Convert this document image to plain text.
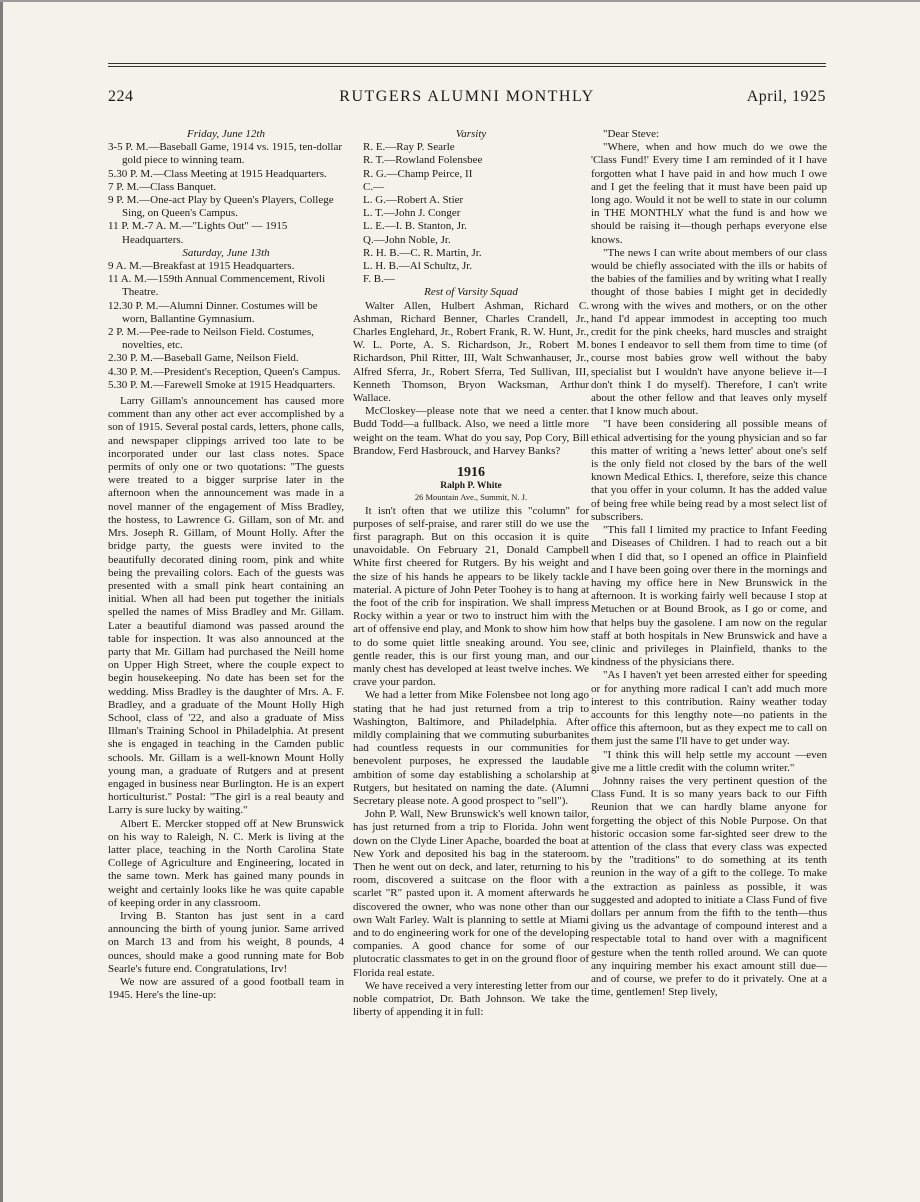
224	RUTGERS ALUMNI MONTHLY	April, 1925
Friday, June 12th
3-5 P. M.—Baseball Game, 1914 vs. 1915, ten-dollar gold piece to winning team.
5.30 P. M.—Class Meeting at 1915 Headquarters.
7 P. M.—Class Banquet.
9 P. M.—One-act Play by Queen's Players, College Sing, on Queen's Campus.
11 P. M.-7 A. M.—"Lights Out" — 1915 Headquarters.
Saturday, June 13th
9 A. M.—Breakfast at 1915 Headquarters.
11 A. M.—159th Annual Commencement, Rivoli Theatre.
12.30 P. M.—Alumni Dinner. Costumes will be worn, Ballantine Gymnasium.
2 P. M.—Pee-rade to Neilson Field. Costumes, novelties, etc.
2.30 P. M.—Baseball Game, Neilson Field.
4.30 P. M.—President's Reception, Queen's Campus.
5.30 P. M.—Farewell Smoke at 1915 Headquarters.

Larry Gillam's announcement has caused more comment than any other act ever accomplished by a son of 1915. Several postal cards, letters, phone calls, and newspaper clippings arrived too late to be incorporated under our last class notes. Space permits of only one or two quotations: "The guests were treated to a bigger surprise later in the afternoon when the announcement was made in a novel manner of the engagement of Miss Bradley, the hostess, to Lawrence G. Gillam, son of Mr. and Mrs. Joseph R. Gillam, of Mount Holly. After the bridge party, the guests were invited to the beautifully decorated dining room, pink and white being the prevailing colors. Each of the guests was presented with a small pink heart containing an initial. When all had been put together the initials spelled the names of Miss Bradley and Mr. Gillam. Later a beautiful diamond was passed around the table for inspection. It was also announced at the party that Mr. Gillam had purchased the Neill home on Upper High Street, where the couple expect to begin housekeeping. No date has been set for the wedding. Miss Bradley is the daughter of Mrs. A. F. Bradley, and a graduate of the Mount Holly High School, class of '22, and also a graduate of Miss Illman's Training School in Philadelphia. At present she is engaged in teaching in the Camden public schools. Mr. Gillam is a well-known Mount Holly young man, a graduate of Rutgers and at present engaged in business near Burlington. He is an expert horticulturist." Postal: "The girl is a real beauty and Larry is sure lucky by waiting."

Albert E. Mercker stopped off at New Brunswick on his way to Raleigh, N. C. Merk is living at the latter place, teaching in the North Carolina State College of Agriculture and Engineering, located in the same town. Merk has gained many pounds in weight and certainly looks like he was quite capable of keeping order in any classroom.

Irving B. Stanton has just sent in a card announcing the birth of young junior. Same arrived on March 13 and from his weight, 8 pounds, 4 ounces, should make a good running mate for Bob Searle's future end. Congratulations, Irv!

We now are assured of a good football team in 1945. Here's the line-up:

Varsity
R. E.—Ray P. Searle
R. T.—Rowland Folensbee
R. G.—Champ Peirce, II
C.—
L. G.—Robert A. Stier
L. T.—John J. Conger
L. E.—I. B. Stanton, Jr.
Q.—John Noble, Jr.
R. H. B.—C. R. Martin, Jr.
L. H. B.—Al Schultz, Jr.
F. B.—
Rest of Varsity Squad

Walter Allen, Hulbert Ashman, Richard C. Ashman, Richard Benner, Charles Crandell, Jr., Charles Englehard, Jr., Robert Frank, R. W. Hunt, Jr., W. L. Porte, A. S. Richardson, Jr., Robert M. Richardson, Phil Ritter, III, Walt Schwanhauser, Jr., Alfred Sferra, Jr., Robert Sferra, Ted Sullivan, III, Kenneth Thomson, Bryon Wacksman, Arthur Wallace.

McCloskey—please note that we need a center. Budd Todd—a fullback. Also, we need a little more weight on the team. What do you say, Pop Cory, Bill Brandow, Ferd Hasbrouck, and Harvey Banks?

1916
Ralph P. White
26 Mountain Ave., Summit, N. J.

It isn't often that we utilize this "column" for purposes of self-praise, and rarer still do we use the first paragraph. But on this occasion it is quite unavoidable. On February 21, Donald Campbell White first cheered for Rutgers. By his weight and the size of his hands he appears to be likely tackle material. A picture of John Peter Toohey is to hang at the foot of the crib for inspiration. We shall impress Rocky within a year or two to instruct him with the art of offensive end play, and Monk to show him how to do some quiet little sneaking around. You see, gentle reader, this is our first young man, and our manly chest has developed at least twelve inches. We crave your pardon.

We had a letter from Mike Folensbee not long ago stating that he had just returned from a trip to Washington, Baltimore, and Philadelphia. After mildly complaining that we commuting suburbanites had countless requests in our communities for benevolent purposes, he expressed the laudable ambition of some day establishing a scholarship at Rutgers, but hesitated on naming the date. (Alumni Secretary please note. A good prospect to "sell").

John P. Wall, New Brunswick's well known tailor, has just returned from a trip to Florida. John went down on the Clyde Liner Apache, boarded the boat at New York and deposited his bag in the stateroom. Then he went out on deck, and later, returning to his room, discovered a suitcase on the floor with a scarlet "R" pasted upon it. A moment afterwards he discovered the owner, who was none other than our own Walt Farley. Walt is planning to settle at Miami and to do engineering work for one of the developing companies. A good chance for some of our plutocratic classmates to get in on the ground floor of Florida real estate.

We have received a very interesting letter from our noble compatriot, Dr. Bath Johnson. We take the liberty of appending it in full:

"Dear Steve:

"Where, when and how much do we owe the 'Class Fund!' Every time I am reminded of it I have forgotten what I have paid in and how much I owe and I get the feeling that it must have been paid up long ago. Would it not be well to state in our column in THE MONTHLY what the fund is and how we should be raising it—though perhaps everyone else knows.

"The news I can write about members of our class would be chiefly associated with the ills or habits of the babies of the families and by writing what I really thought of those babies I might get in decidedly wrong with the wives and mothers, or on the other hand I'd appear immodest in accepting too much credit for the pink cheeks, hard muscles and straight bones I endeavor to sell them from time to time (of course most babies grow well without the baby specialist but I wouldn't have anyone believe it—I don't think I do myself). Therefore, I can't write about the other fellow and that leaves only myself that I know much about.

"I have been considering all possible means of ethical advertising for the young physician and so far this matter of writing a 'news letter' about one's self is the only field not closed by the bars of the well known Medical Ethics. I, therefore, seize this chance that you offer in your column. It has the added value of being free while being read by a most select list of subscribers.

"This fall I limited my practice to Infant Feeding and Diseases of Children. I had to reach out a bit when I did that, so I opened an office in Plainfield and I have been going over there in the mornings and having my office here in New Brunswick in the afternoon. It is working fairly well because I stop at Metuchen or at Bound Brook, as I go or come, and that helps buy the gasolene. I am now on the regular staff at both hospitals in New Brunswick and have a clinic and privileges in Plainfield, thanks to the kindness of the physicians there.

"As I haven't yet been arrested either for speeding or for anything more radical I can't add much more interest to this contribution. Rainy weather today accounts for this lengthy note—no patients in the office this afternoon, but as they expect me to call on them just the same I'll have to get under way.

"I think this will help settle my account —even give me a little credit with the column writer."

Johnny raises the very pertinent question of the Class Fund. It is so many years back to our Fifth Reunion that we can hardly blame anyone for forgetting the object of this Noble Purpose. On that historic occasion some far-sighted seer drew to the attention of the class that every class was expected by the "traditions" to do something at its tenth reunion in the way of a gift to the college. To make the extraction as painless as possible, it was suggested and adopted to initiate a Class Fund of five dollars per annum from the fifth to the tenth—thus giving us the advantage of compound interest and a respectable total to hand over with a magnificent gesture when the tenth rolled around. We can quote any inquiring member his exact amount still due—and of course, we prefer to do it privately. One at a time, gentlemen! Step lively,
